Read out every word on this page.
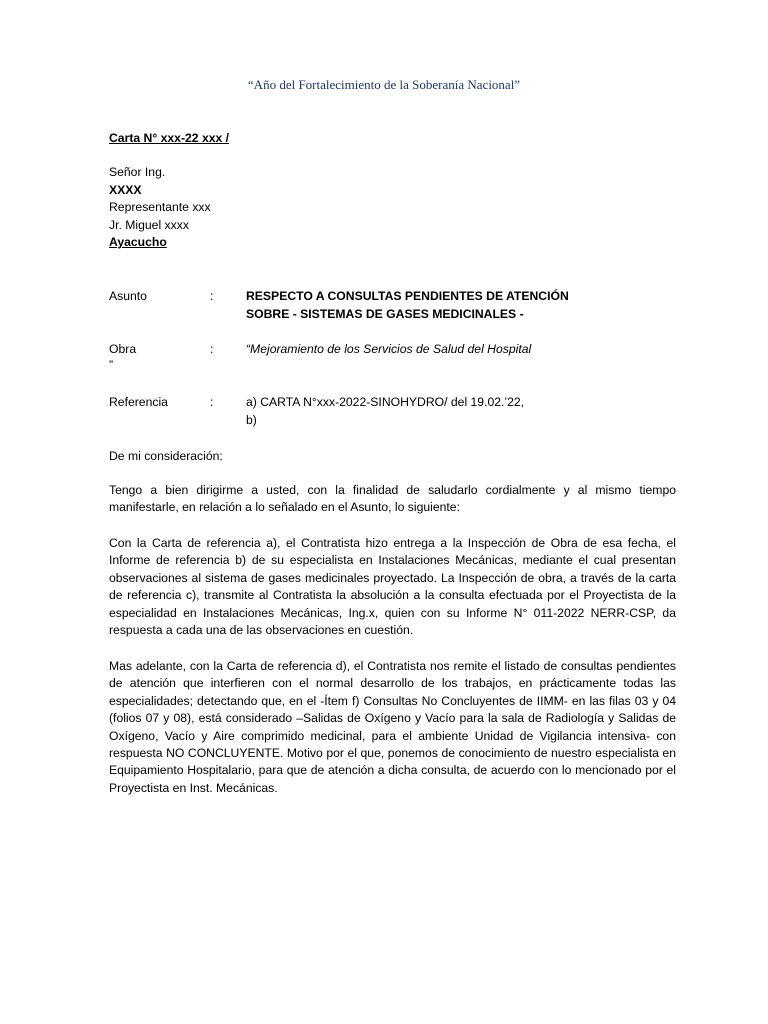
“Año del Fortalecimiento de la Soberanía Nacional”
Carta N° xxx-22 xxx /
Señor Ing.
XXXX
Representante xxx
Jr. Miguel xxxx
Ayacucho
Asunto	:	RESPECTO A CONSULTAS PENDIENTES DE ATENCIÓN
SOBRE - SISTEMAS DE GASES MEDICINALES -
Obra	:	“Mejoramiento de los Servicios de Salud del Hospital
”
Referencia	:	a) CARTA N°xxx-2022-SINOHYDRO/ del 19.02.’22,
b)
De mi consideración:
Tengo a bien dirigirme a usted, con la finalidad de saludarlo cordialmente y al mismo tiempo manifestarle, en relación a lo señalado en el Asunto, lo siguiente:
Con la Carta de referencia a), el Contratista hizo entrega a la Inspección de Obra de esa fecha, el Informe de referencia b) de su especialista en Instalaciones Mecánicas, mediante el cual presentan observaciones al sistema de gases medicinales proyectado. La Inspección de obra, a través de la carta de referencia c), transmite al Contratista la absolución a la consulta efectuada por el Proyectista de la especialidad en Instalaciones Mecánicas, Ing.x, quien con su Informe N° 011-2022 NERR-CSP, da respuesta a cada una de las observaciones en cuestión.
Mas adelante, con la Carta de referencia d), el Contratista nos remite el listado de consultas pendientes de atención que interfieren con el normal desarrollo de los trabajos, en prácticamente todas las especialidades; detectando que, en el -Ítem f) Consultas No Concluyentes de IIMM- en las filas 03 y 04 (folios 07 y 08), está considerado –Salidas de Oxígeno y Vacío para la sala de Radiología y Salidas de Oxígeno, Vacío y Aire comprimido medicinal, para el ambiente Unidad de Vigilancia intensiva- con respuesta NO CONCLUYENTE. Motivo por el que, ponemos de conocimiento de nuestro especialista en Equipamiento Hospitalario, para que de atención a dicha consulta, de acuerdo con lo mencionado por el Proyectista en Inst. Mecánicas.
